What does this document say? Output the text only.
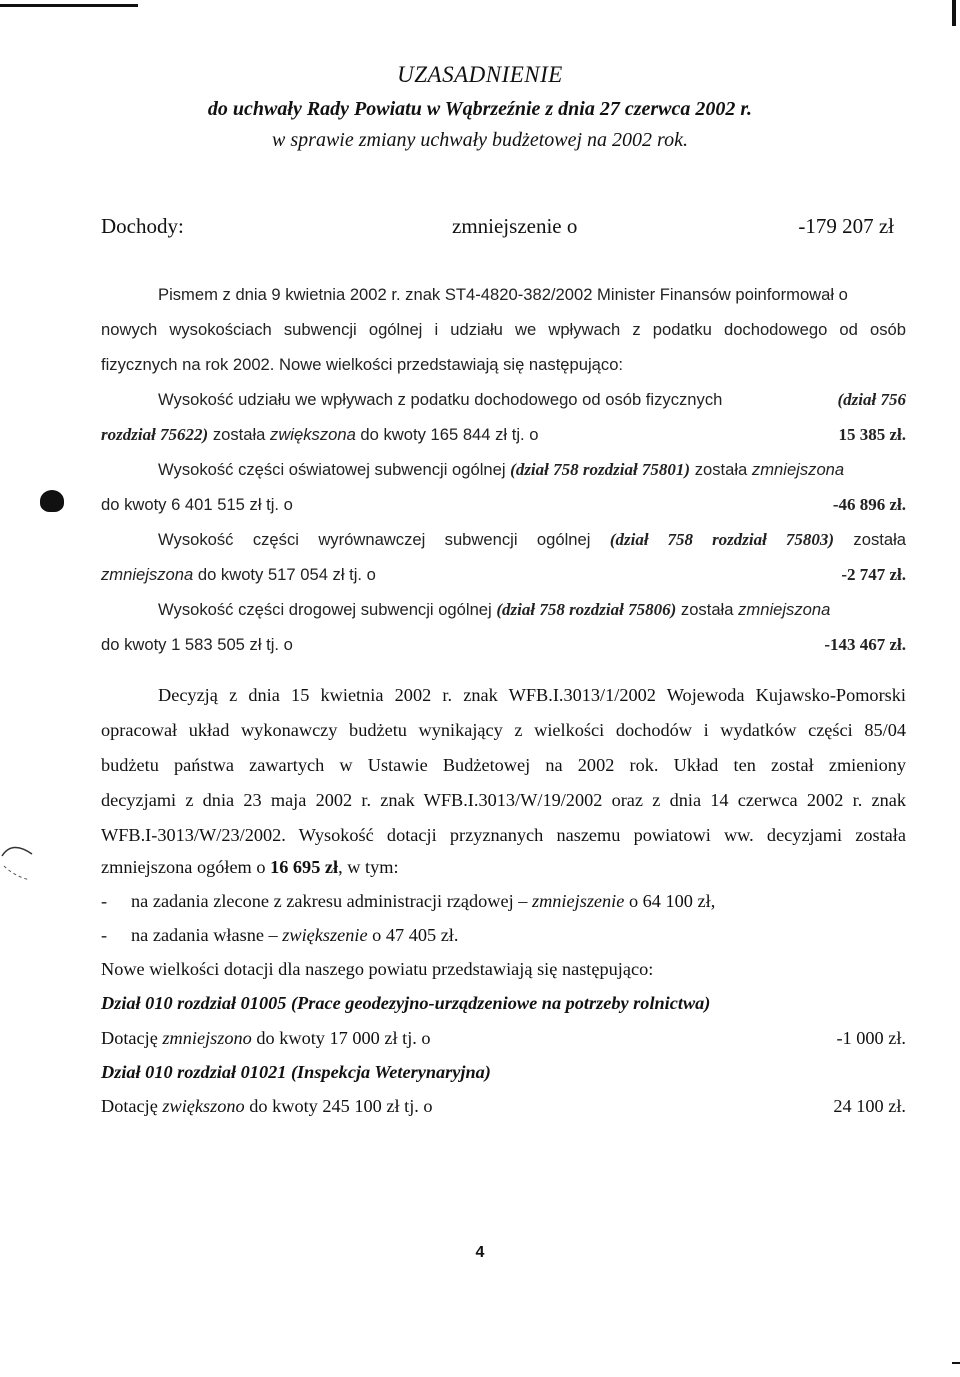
UZASADNIENIE
do uchwały Rady Powiatu w Wąbrzeźnie z dnia 27 czerwca 2002 r.
w sprawie zmiany uchwały budżetowej na 2002 rok.
Dochody:	zmniejszenie o	-179 207 zł
Pismem z dnia 9 kwietnia 2002 r. znak ST4-4820-382/2002 Minister Finansów poinformował o
nowych wysokościach subwencji ogólnej i udziału we wpływach z podatku dochodowego od osób
fizycznych na rok 2002. Nowe wielkości przedstawiają się następująco:
Wysokość udziału we wpływach z podatku dochodowego od osób fizycznych	(dział 756
rozdział 75622) została zwiększona do kwoty 165 844 zł tj. o	15 385 zł.
Wysokość części oświatowej subwencji ogólnej (dział 758 rozdział 75801) została zmniejszona
do kwoty 6 401 515 zł tj. o	-46 896 zł.
Wysokość części wyrównawczej subwencji ogólnej (dział 758 rozdział 75803) została
zmniejszona do kwoty 517 054 zł tj. o	-2 747 zł.
Wysokość części drogowej subwencji ogólnej (dział 758 rozdział 75806) została zmniejszona
do kwoty 1 583 505 zł tj. o	-143 467 zł.
Decyzją z dnia 15 kwietnia 2002 r. znak WFB.I.3013/1/2002 Wojewoda Kujawsko-Pomorski
opracował układ wykonawczy budżetu wynikający z wielkości dochodów i wydatków części 85/04
budżetu państwa zawartych w Ustawie Budżetowej na 2002 rok. Układ ten został zmieniony
decyzjami z dnia 23 maja 2002 r. znak WFB.I.3013/W/19/2002 oraz z dnia 14 czerwca 2002 r. znak
WFB.I-3013/W/23/2002. Wysokość dotacji przyznanych naszemu powiatowi ww. decyzjami została
zmniejszona ogółem o 16 695 zł, w tym:
- na zadania zlecone z zakresu administracji rządowej – zmniejszenie o 64 100 zł,
- na zadania własne – zwiększenie o 47 405 zł.
Nowe wielkości dotacji dla naszego powiatu przedstawiają się następująco:
Dział 010 rozdział 01005 (Prace geodezyjno-urządzeniowe na potrzeby rolnictwa)
Dotację zmniejszono do kwoty 17 000 zł tj. o	-1 000 zł.
Dział 010 rozdział 01021 (Inspekcja Weterynaryjna)
Dotację zwiększono do kwoty 245 100 zł tj. o	24 100 zł.
4
